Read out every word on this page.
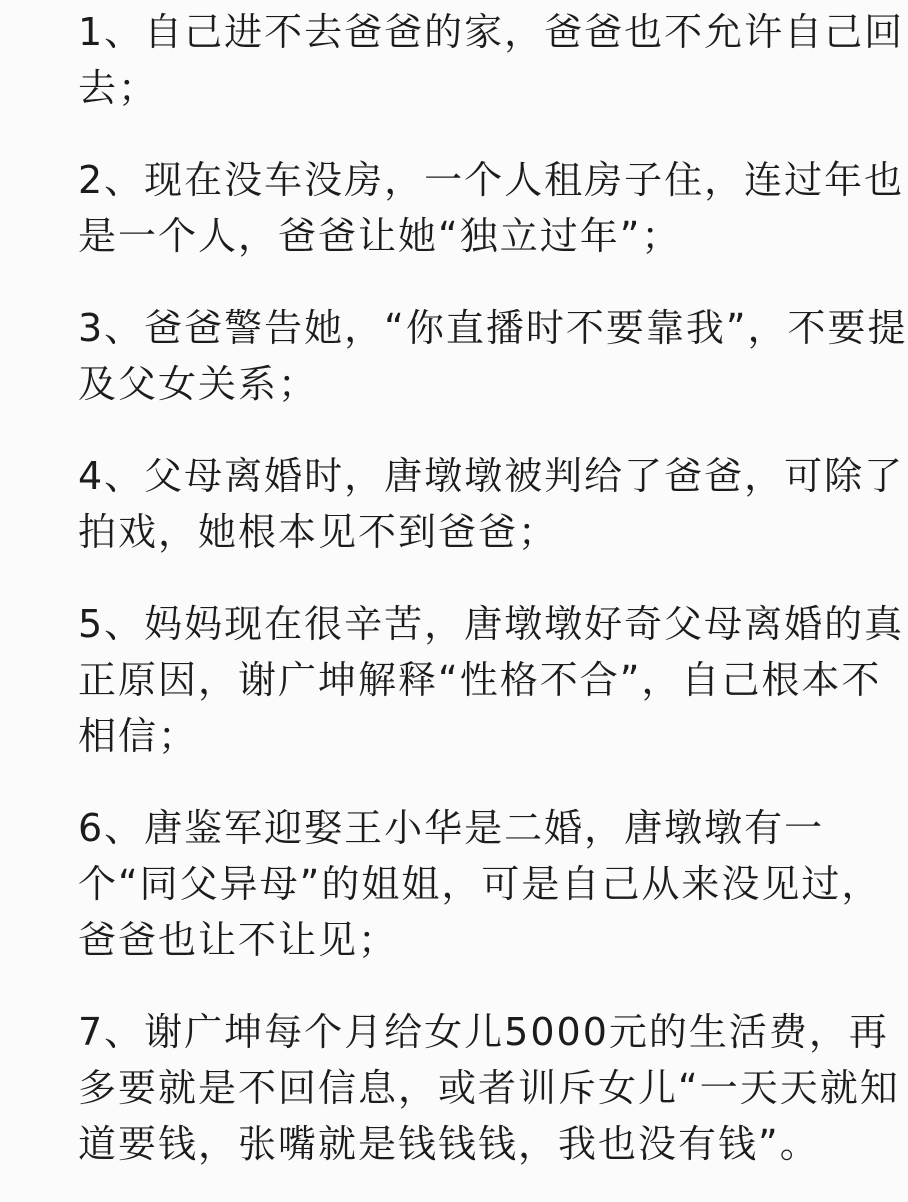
1、自己进不去爸爸的家，爸爸也不允许自己回
去；
2、现在没车没房，一个人租房子住，连过年也
是一个人，爸爸让她“独立过年”；
3、爸爸警告她，“你直播时不要靠我”，不要提
及父女关系；
4、父母离婚时，唐墩墩被判给了爸爸，可除了
拍戏，她根本见不到爸爸；
5、妈妈现在很辛苦，唐墩墩好奇父母离婚的真
正原因，谢广坤解释“性格不合”，自己根本不
相信；
6、唐鉴军迎娶王小华是二婚，唐墩墩有一
个“同父异母”的姐姐，可是自己从来没见过，
爸爸也让不让见；
7、谢广坤每个月给女儿5000元的生活费，再
多要就是不回信息，或者训斥女儿“一天天就知
道要钱，张嘴就是钱钱钱，我也没有钱”。
